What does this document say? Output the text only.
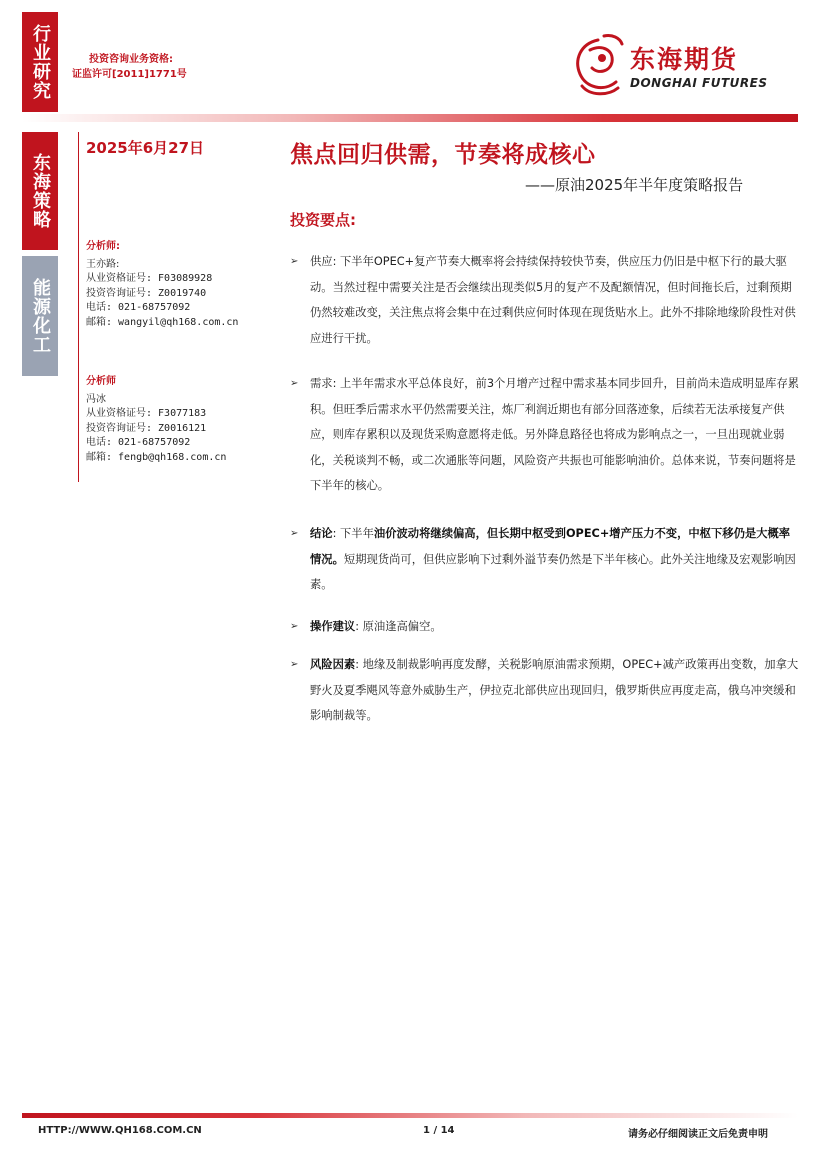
行业研究	投资咨询业务资格:
证监许可[2011]1771号
东海期货
DONGHAI FUTURES
东海策略
能源化工
2025年6月27日
分析师:
王亦路:
从业资格证号: F03089928
投资咨询证号: Z0019740
电话: 021-68757092
邮箱: wangyil@qh168.com.cn
分析师
冯冰
从业资格证号: F3077183
投资咨询证号: Z0016121
电话: 021-68757092
邮箱: fengb@qh168.com.cn
焦点回归供需，节奏将成核心
——原油2025年半年度策略报告
投资要点:
➢ 供应: 下半年OPEC+复产节奏大概率将会持续保持较快节奏，供应压力仍旧是中枢下行的最大驱动。当然过程中需要关注是否会继续出现类似5月的复产不及配额情况，但时间拖长后，过剩预期仍然较难改变，关注焦点将会集中在过剩供应何时体现在现货贴水上。此外不排除地缘阶段性对供应进行干扰。
➢ 需求: 上半年需求水平总体良好，前3个月增产过程中需求基本同步回升，目前尚未造成明显库存累积。但旺季后需求水平仍然需要关注，炼厂利润近期也有部分回落迹象，后续若无法承接复产供应，则库存累积以及现货采购意愿将走低。另外降息路径也将成为影响点之一，一旦出现就业弱化，关税谈判不畅，或二次通胀等问题，风险资产共振也可能影响油价。总体来说，节奏问题将是下半年的核心。
➢ 结论: 下半年油价波动将继续偏高，但长期中枢受到OPEC+增产压力不变，中枢下移仍是大概率情况。短期现货尚可，但供应影响下过剩外溢节奏仍然是下半年核心。此外关注地缘及宏观影响因素。
➢ 操作建议: 原油逢高偏空。
➢ 风险因素: 地缘及制裁影响再度发酵，关税影响原油需求预期，OPEC+减产政策再出变数，加拿大野火及夏季飓风等意外威胁生产，伊拉克北部供应出现回归，俄罗斯供应再度走高，俄乌冲突缓和影响制裁等。
HTTP://WWW.QH168.COM.CN	1 / 14	请务必仔细阅读正文后免责申明
